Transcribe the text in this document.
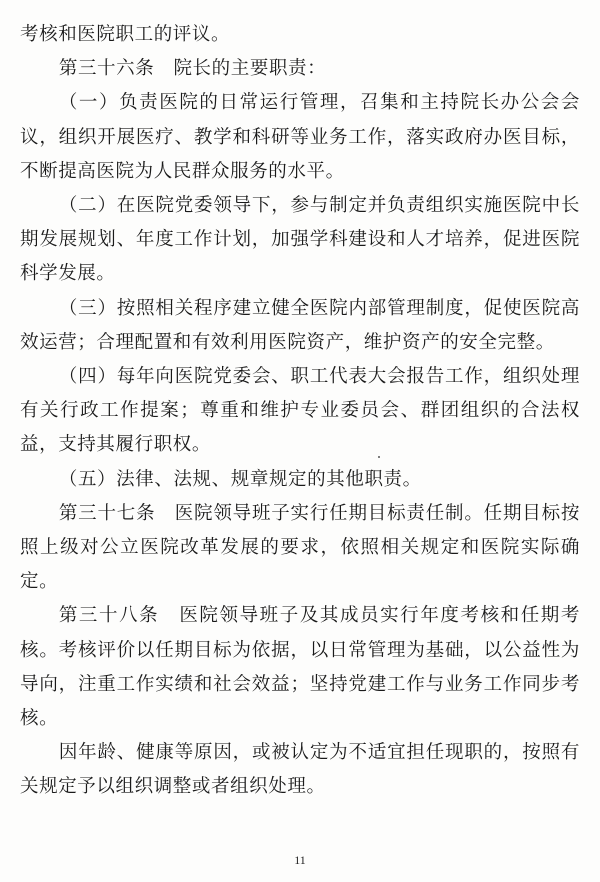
考核和医院职工的评议。

第三十六条　院长的主要职责：

（一）负责医院的日常运行管理，召集和主持院长办公会会议，组织开展医疗、教学和科研等业务工作，落实政府办医目标，不断提高医院为人民群众服务的水平。

（二）在医院党委领导下，参与制定并负责组织实施医院中长期发展规划、年度工作计划，加强学科建设和人才培养，促进医院科学发展。

（三）按照相关程序建立健全医院内部管理制度，促使医院高效运营；合理配置和有效利用医院资产，维护资产的安全完整。

（四）每年向医院党委会、职工代表大会报告工作，组织处理有关行政工作提案；尊重和维护专业委员会、群团组织的合法权益，支持其履行职权。

（五）法律、法规、规章规定的其他职责。

第三十七条　医院领导班子实行任期目标责任制。任期目标按照上级对公立医院改革发展的要求，依照相关规定和医院实际确定。

第三十八条　医院领导班子及其成员实行年度考核和任期考核。考核评价以任期目标为依据，以日常管理为基础，以公益性为导向，注重工作实绩和社会效益；坚持党建工作与业务工作同步考核。

因年龄、健康等原因，或被认定为不适宜担任现职的，按照有关规定予以组织调整或者组织处理。

11
